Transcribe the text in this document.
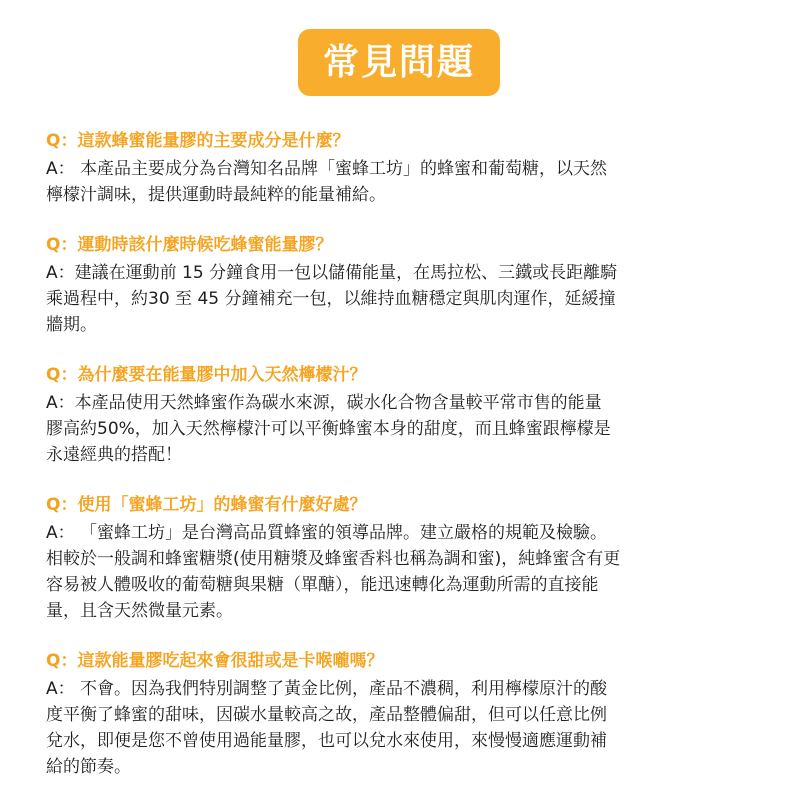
常見問題
Q：這款蜂蜜能量膠的主要成分是什麼？
A： 本產品主要成分為台灣知名品牌「蜜蜂工坊」的蜂蜜和葡萄糖，以天然
檸檬汁調味，提供運動時最純粹的能量補給。
Q：運動時該什麼時候吃蜂蜜能量膠？
A：建議在運動前 15 分鐘食用一包以儲備能量，在馬拉松、三鐵或長距離騎
乘過程中，約30 至 45 分鐘補充一包，以維持血糖穩定與肌肉運作，延緩撞
牆期。
Q：為什麼要在能量膠中加入天然檸檬汁？
A：本產品使用天然蜂蜜作為碳水來源，碳水化合物含量較平常市售的能量
膠高約50%，加入天然檸檬汁可以平衡蜂蜜本身的甜度，而且蜂蜜跟檸檬是
永遠經典的搭配！
Q：使用「蜜蜂工坊」的蜂蜜有什麼好處？
A： 「蜜蜂工坊」是台灣高品質蜂蜜的領導品牌。建立嚴格的規範及檢驗。
相較於一般調和蜂蜜糖漿(使用糖漿及蜂蜜香料也稱為調和蜜)，純蜂蜜含有更
容易被人體吸收的葡萄糖與果糖（單醣），能迅速轉化為運動所需的直接能
量，且含天然微量元素。
Q：這款能量膠吃起來會很甜或是卡喉嚨嗎？
A： 不會。因為我們特別調整了黃金比例，產品不濃稠，利用檸檬原汁的酸
度平衡了蜂蜜的甜味，因碳水量較高之故，產品整體偏甜，但可以任意比例
兌水，即便是您不曾使用過能量膠，也可以兌水來使用，來慢慢適應運動補
給的節奏。
